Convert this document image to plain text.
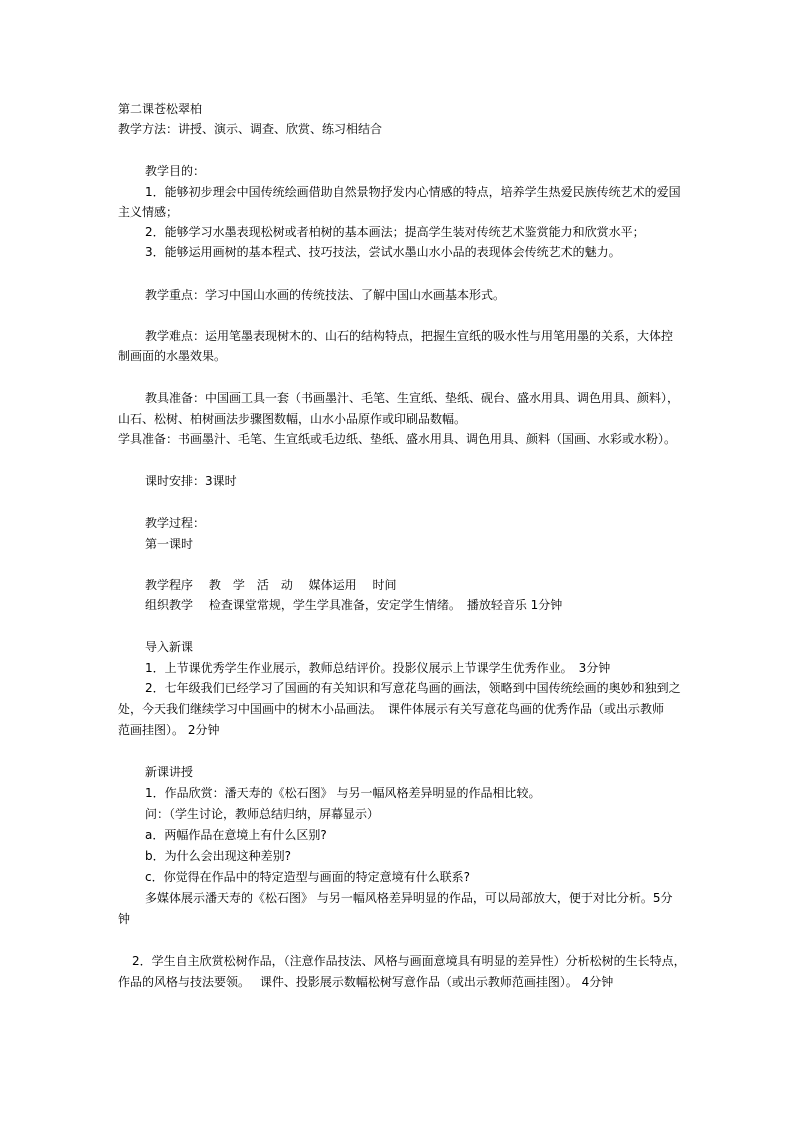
第二课苍松翠柏
教学方法：讲授、演示、调查、欣赏、练习相结合
教学目的：
1．能够初步理会中国传统绘画借助自然景物抒发内心情感的特点，培养学生热爱民族传统艺术的爱国
主义情感；
2．能够学习水墨表现松树或者柏树的基本画法；提高学生装对传统艺术鉴赏能力和欣赏水平；
3．能够运用画树的基本程式、技巧技法，尝试水墨山水小品的表现体会传统艺术的魅力。
教学重点：学习中国山水画的传统技法、了解中国山水画基本形式。
教学难点：运用笔墨表现树木的、山石的结构特点，把握生宣纸的吸水性与用笔用墨的关系，大体控
制画面的水墨效果。
教具准备：中国画工具一套（书画墨汁、毛笔、生宣纸、垫纸、砚台、盛水用具、调色用具、颜料），
山石、松树、柏树画法步骤图数幅，山水小品原作或印刷品数幅。
学具准备：书画墨汁、毛笔、生宣纸或毛边纸、垫纸、盛水用具、调色用具、颜料（国画、水彩或水粉）。
课时安排：3课时
教学过程：
第一课时
教学程序　 教　学　活　动　 媒体运用　 时间
组织教学　 检查课堂常规，学生学具准备，安定学生情绪。　播放轻音乐 1分钟
导入新课
1．上节课优秀学生作业展示，教师总结评价。投影仪展示上节课学生优秀作业。　3分钟
2．七年级我们已经学习了国画的有关知识和写意花鸟画的画法，领略到中国传统绘画的奥妙和独到之
处，今天我们继续学习中国画中的树木小品画法。　课件体展示有关写意花鸟画的优秀作品（或出示教师
范画挂图）。 2分钟
新课讲授
1．作品欣赏：潘天寿的《松石图》 与另一幅风格差异明显的作品相比较。
问：（学生讨论，教师总结归纳，屏幕显示）
a．两幅作品在意境上有什么区别?
b．为什么会出现这种差别?
c．你觉得在作品中的特定造型与画面的特定意境有什么联系?
多媒体展示潘天寿的《松石图》 与另一幅风格差异明显的作品，可以局部放大，便于对比分析。5分
钟
2．学生自主欣赏松树作品，（注意作品技法、风格与画面意境具有明显的差异性）分析松树的生长特点，
作品的风格与技法要领。　 课件、投影展示数幅松树写意作品（或出示教师范画挂图）。 4分钟
